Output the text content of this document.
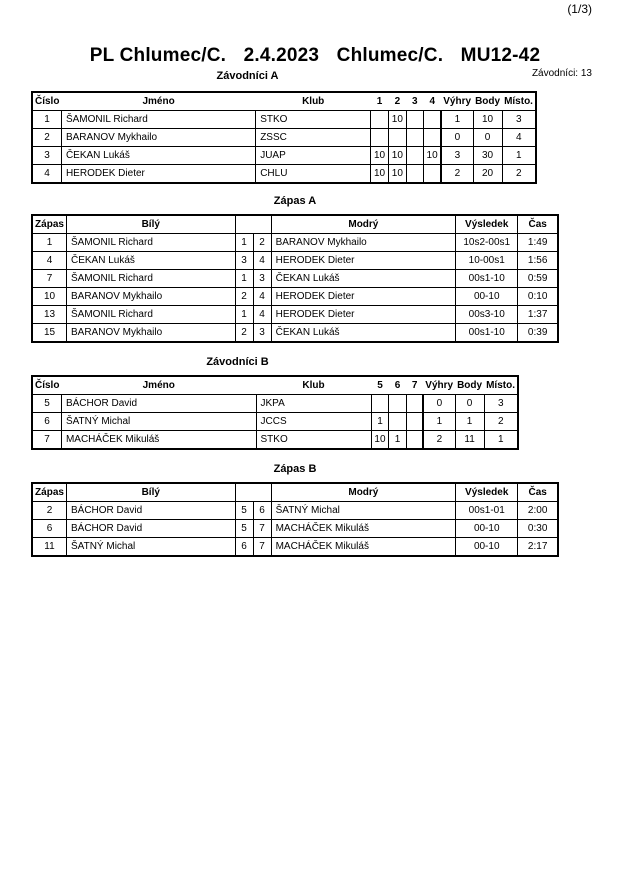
(1/3)
PL Chlumec/C. 2.4.2023 Chlumec/C. MU12-42
Závodníci: 13
Závodníci A
Číslo	Jméno	Klub	1	2	3	4	Výhry	Body	Místo.
1	ŠAMONIL Richard	STKO		10			1	10	3
2	BARANOV Mykhailo	ZSSC					0	0	4
3	ČEKAN Lukáš	JUAP	10	10		10	3	30	1
4	HERODEK Dieter	CHLU	10	10			2	20	2
Zápas A
Zápas	Bílý			Modrý	Výsledek	Čas
1	ŠAMONIL Richard	1	2	BARANOV Mykhailo	10s2-00s1	1:49
4	ČEKAN Lukáš	3	4	HERODEK Dieter	10-00s1	1:56
7	ŠAMONIL Richard	1	3	ČEKAN Lukáš	00s1-10	0:59
10	BARANOV Mykhailo	2	4	HERODEK Dieter	00-10	0:10
13	ŠAMONIL Richard	1	4	HERODEK Dieter	00s3-10	1:37
15	BARANOV Mykhailo	2	3	ČEKAN Lukáš	00s1-10	0:39
Závodníci B
Číslo	Jméno	Klub	5	6	7	Výhry	Body	Místo.
5	BÁCHOR David	JKPA				0	0	3
6	ŠATNÝ Michal	JCCS	1			1	1	2
7	MACHÁČEK Mikuláš	STKO	10	1		2	11	1
Zápas B
Zápas	Bílý			Modrý	Výsledek	Čas
2	BÁCHOR David	5	6	ŠATNÝ Michal	00s1-01	2:00
6	BÁCHOR David	5	7	MACHÁČEK Mikuláš	00-10	0:30
11	ŠATNÝ Michal	6	7	MACHÁČEK Mikuláš	00-10	2:17
